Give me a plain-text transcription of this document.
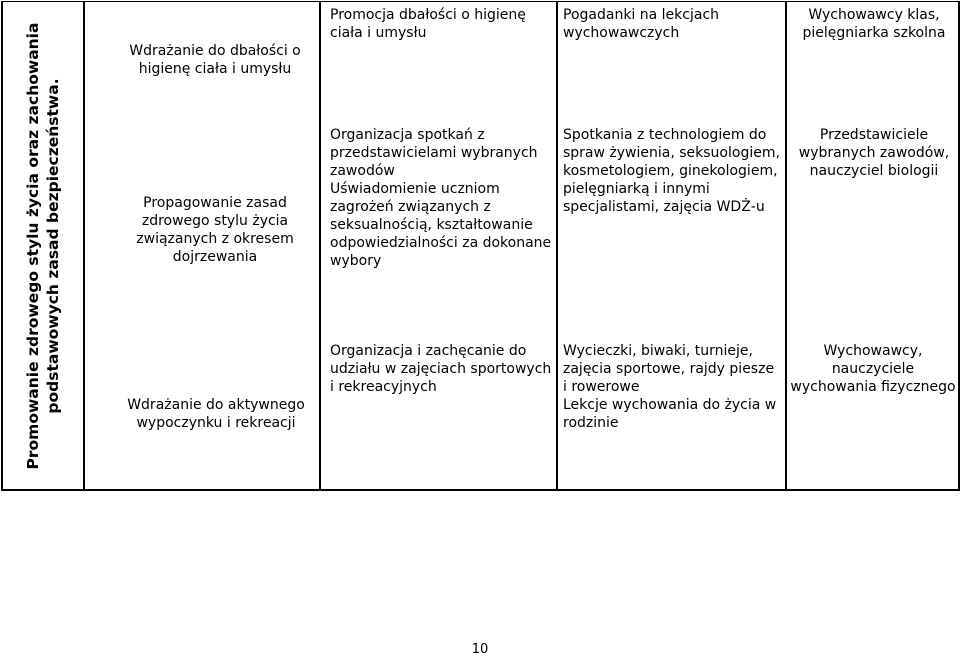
Promowanie zdrowego stylu życia oraz zachowania podstawowych zasad bezpieczeństwa.
Wdrażanie do dbałości o higienę ciała i umysłu
Promocja dbałości o higienę ciała i umysłu
Pogadanki na lekcjach wychowawczych
Wychowawcy klas, pielęgniarka szkolna
Propagowanie zasad zdrowego stylu życia związanych z okresem dojrzewania
Organizacja spotkań z przedstawicielami wybranych zawodów
Uświadomienie uczniom zagrożeń związanych z seksualnością, kształtowanie odpowiedzialności za dokonane wybory
Spotkania z technologiem do spraw żywienia, seksuologiem, kosmetologiem, ginekologiem, pielęgniarką i innymi specjalistami, zajęcia WDŻ-u
Przedstawiciele wybranych zawodów, nauczyciel biologii
Wdrażanie do aktywnego wypoczynku i rekreacji
Organizacja i zachęcanie do udziału w zajęciach sportowych i rekreacyjnych
Wycieczki, biwaki, turnieje, zajęcia sportowe, rajdy piesze
i rowerowe
Lekcje wychowania do życia w rodzinie
Wychowawcy, nauczyciele wychowania fizycznego
10
